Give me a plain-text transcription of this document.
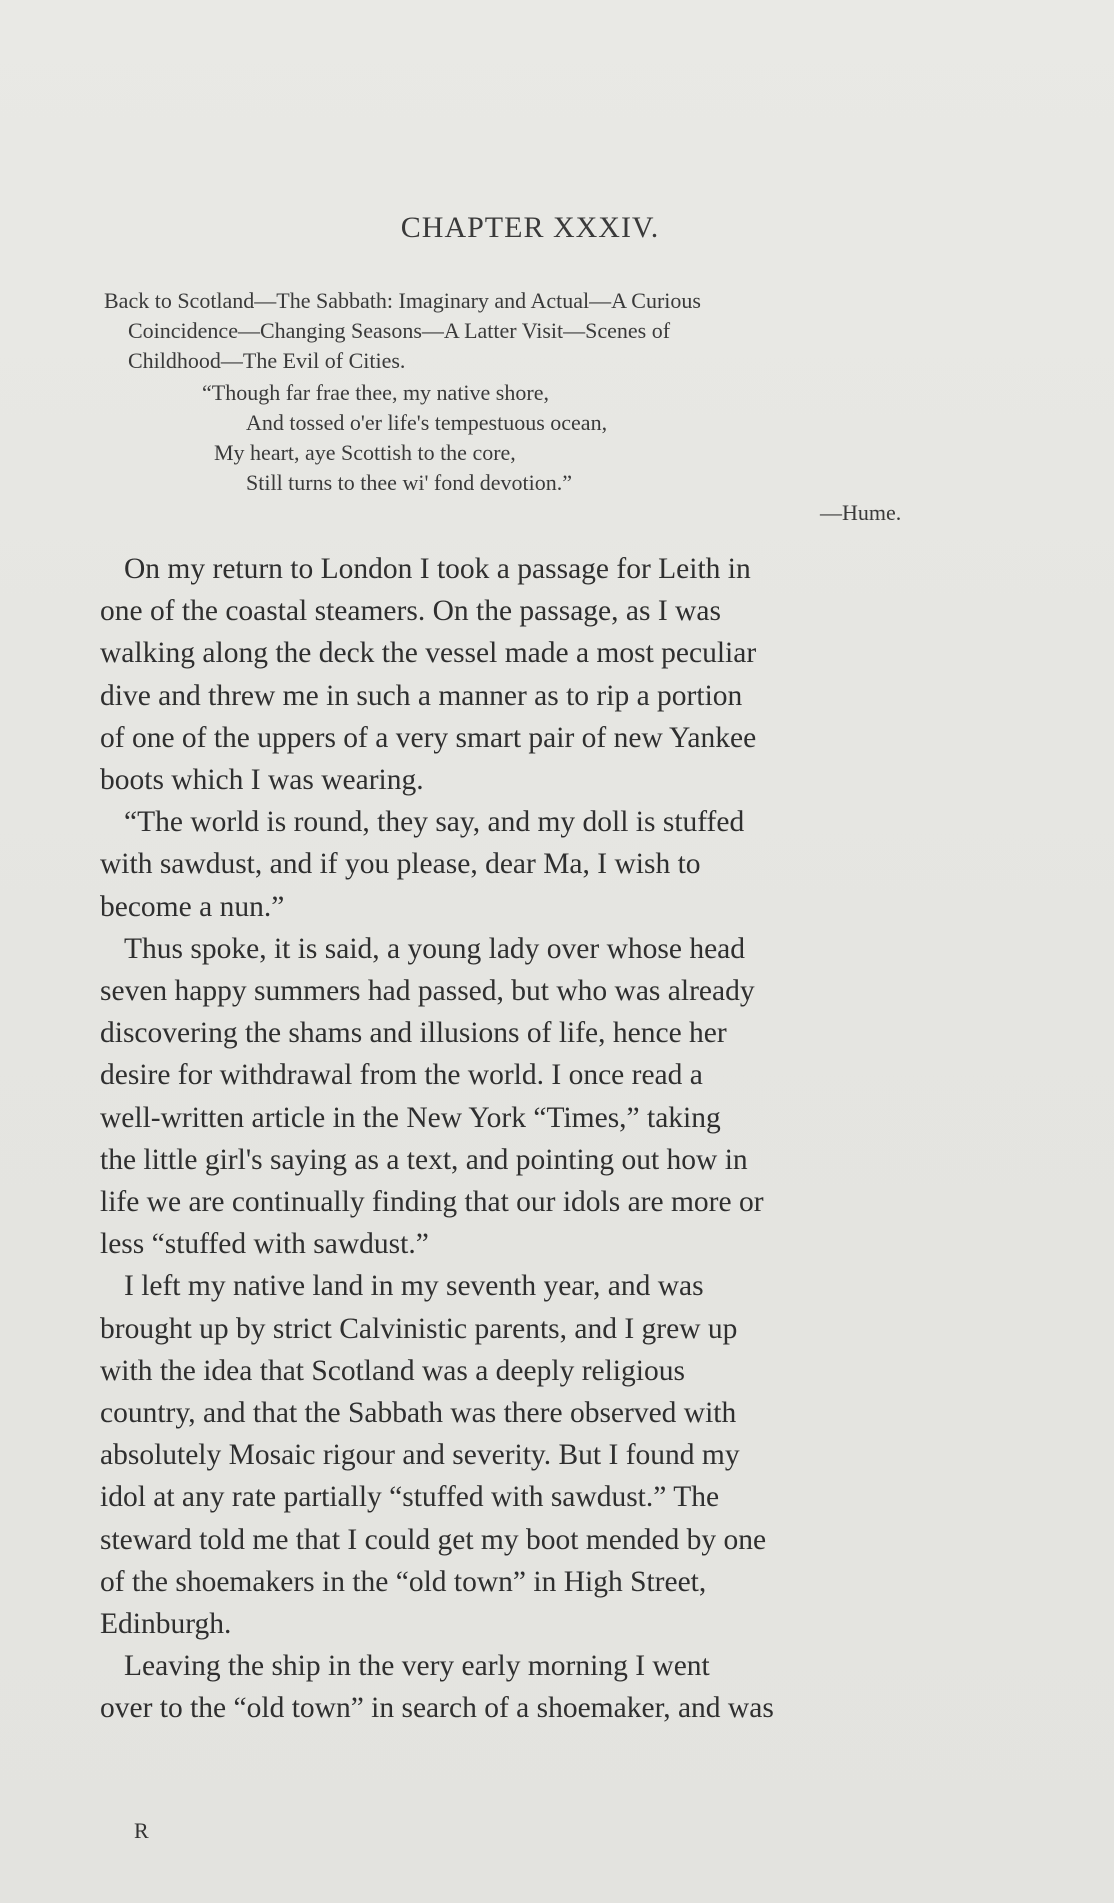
CHAPTER XXXIV.
Back to Scotland—The Sabbath: Imaginary and Actual—A Curious
Coincidence—Changing Seasons—A Latter Visit—Scenes of
Childhood—The Evil of Cities.
“Though far frae thee, my native shore,
And tossed o'er life's tempestuous ocean,
My heart, aye Scottish to the core,
Still turns to thee wi' fond devotion.”
—Hume.

On my return to London I took a passage for Leith in
one of the coastal steamers. On the passage, as I was
walking along the deck the vessel made a most peculiar
dive and threw me in such a manner as to rip a portion
of one of the uppers of a very smart pair of new Yankee
boots which I was wearing.

“The world is round, they say, and my doll is stuffed
with sawdust, and if you please, dear Ma, I wish to
become a nun.”

Thus spoke, it is said, a young lady over whose head
seven happy summers had passed, but who was already
discovering the shams and illusions of life, hence her
desire for withdrawal from the world. I once read a
well-written article in the New York “Times,” taking
the little girl's saying as a text, and pointing out how in
life we are continually finding that our idols are more or
less “stuffed with sawdust.”

I left my native land in my seventh year, and was
brought up by strict Calvinistic parents, and I grew up
with the idea that Scotland was a deeply religious
country, and that the Sabbath was there observed with
absolutely Mosaic rigour and severity. But I found my
idol at any rate partially “stuffed with sawdust.” The
steward told me that I could get my boot mended by one
of the shoemakers in the “old town” in High Street,
Edinburgh.

Leaving the ship in the very early morning I went
over to the “old town” in search of a shoemaker, and was

R
